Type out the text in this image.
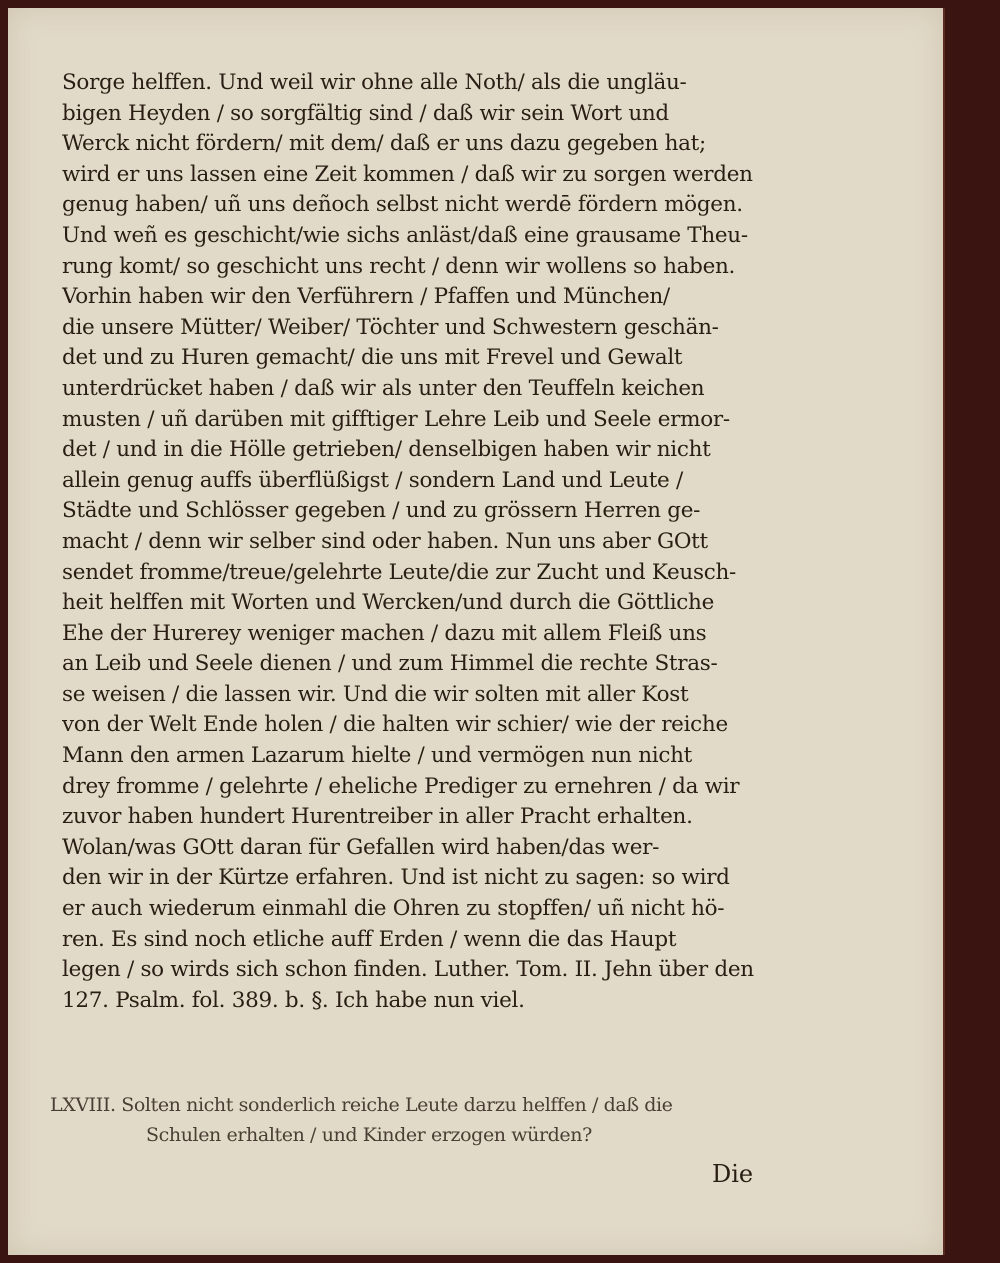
Sorge helffen. Und weil wir ohne alle Noth/ als die ungläu-
bigen Heyden / so sorgfältig sind / daß wir sein Wort und
Werck nicht fördern/ mit dem/ daß er uns dazu gegeben hat;
wird er uns lassen eine Zeit kommen / daß wir zu sorgen werden
genug haben/ uñ uns deñoch selbst nicht werdē fördern mögen.
Und weñ es geschicht/wie sichs anläst/daß eine grausame Theu-
rung komt/ so geschicht uns recht / denn wir wollens so haben.
Vorhin haben wir den Verführern / Pfaffen und München/
die unsere Mütter/ Weiber/ Töchter und Schwestern geschän-
det und zu Huren gemacht/ die uns mit Frevel und Gewalt
unterdrücket haben / daß wir als unter den Teuffeln keichen
musten / uñ darüben mit gifftiger Lehre Leib und Seele ermor-
det / und in die Hölle getrieben/ denselbigen haben wir nicht
allein genug auffs überflüßigst / sondern Land und Leute /
Städte und Schlösser gegeben / und zu grössern Herren ge-
macht / denn wir selber sind oder haben. Nun uns aber GOtt
sendet fromme/treue/gelehrte Leute/die zur Zucht und Keusch-
heit helffen mit Worten und Wercken/und durch die Göttliche
Ehe der Hurerey weniger machen / dazu mit allem Fleiß uns
an Leib und Seele dienen / und zum Himmel die rechte Stras-
se weisen / die lassen wir. Und die wir solten mit aller Kost
von der Welt Ende holen / die halten wir schier/ wie der reiche
Mann den armen Lazarum hielte / und vermögen nun nicht
drey fromme / gelehrte / eheliche Prediger zu ernehren / da wir
zuvor haben hundert Hurentreiber in aller Pracht erhalten.
Wolan/was GOtt daran für Gefallen wird haben/das wer-
den wir in der Kürtze erfahren. Und ist nicht zu sagen: so wird
er auch wiederum einmahl die Ohren zu stopffen/ uñ nicht hö-
ren. Es sind noch etliche auff Erden / wenn die das Haupt
legen / so wirds sich schon finden. Luther. Tom. II. Jehn über den
127. Psalm. fol. 389. b. §. Ich habe nun viel.
LXVIII. Solten nicht sonderlich reiche Leute darzu helffen / daß die
Schulen erhalten / und Kinder erzogen würden?
Die
